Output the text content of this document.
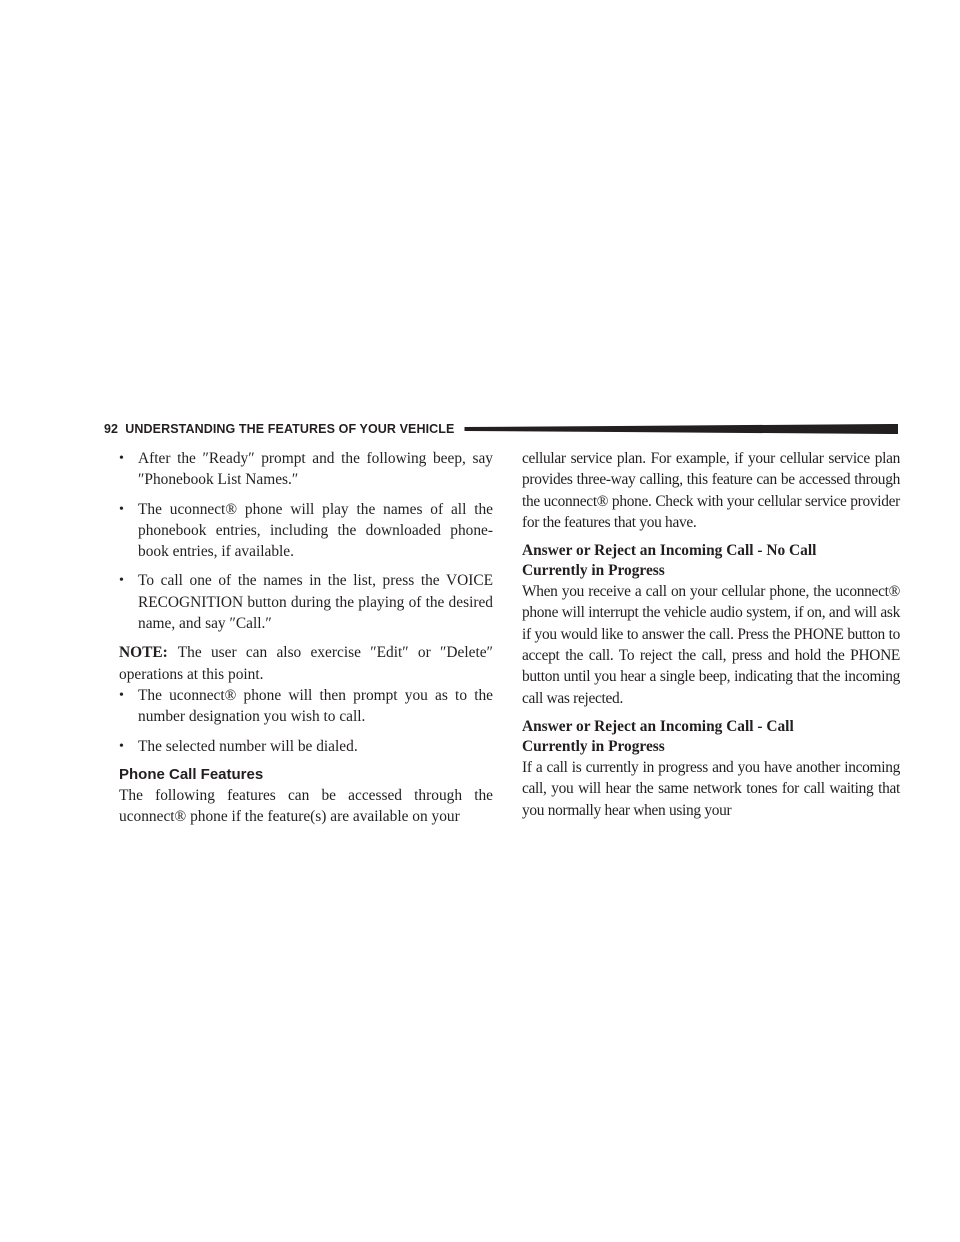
92 UNDERSTANDING THE FEATURES OF YOUR VEHICLE
• After the ″Ready″ prompt and the following beep, say ″Phonebook List Names.″
• The uconnect® phone will play the names of all the phonebook entries, including the downloaded phone-book entries, if available.
• To call one of the names in the list, press the VOICE RECOGNITION button during the playing of the desired name, and say ″Call.″

NOTE: The user can also exercise ″Edit″ or ″Delete″ operations at this point.

• The uconnect® phone will then prompt you as to the number designation you wish to call.
• The selected number will be dialed.
Phone Call Features

The following features can be accessed through the uconnect® phone if the feature(s) are available on your

cellular service plan. For example, if your cellular service plan provides three-way calling, this feature can be accessed through the uconnect® phone. Check with your cellular service provider for the features that you have.

Answer or Reject an Incoming Call - No Call
Currently in Progress

When you receive a call on your cellular phone, the uconnect® phone will interrupt the vehicle audio system, if on, and will ask if you would like to answer the call. Press the PHONE button to accept the call. To reject the call, press and hold the PHONE button until you hear a single beep, indicating that the incoming call was rejected.

Answer or Reject an Incoming Call - Call
Currently in Progress

If a call is currently in progress and you have another incoming call, you will hear the same network tones for call waiting that you normally hear when using your
